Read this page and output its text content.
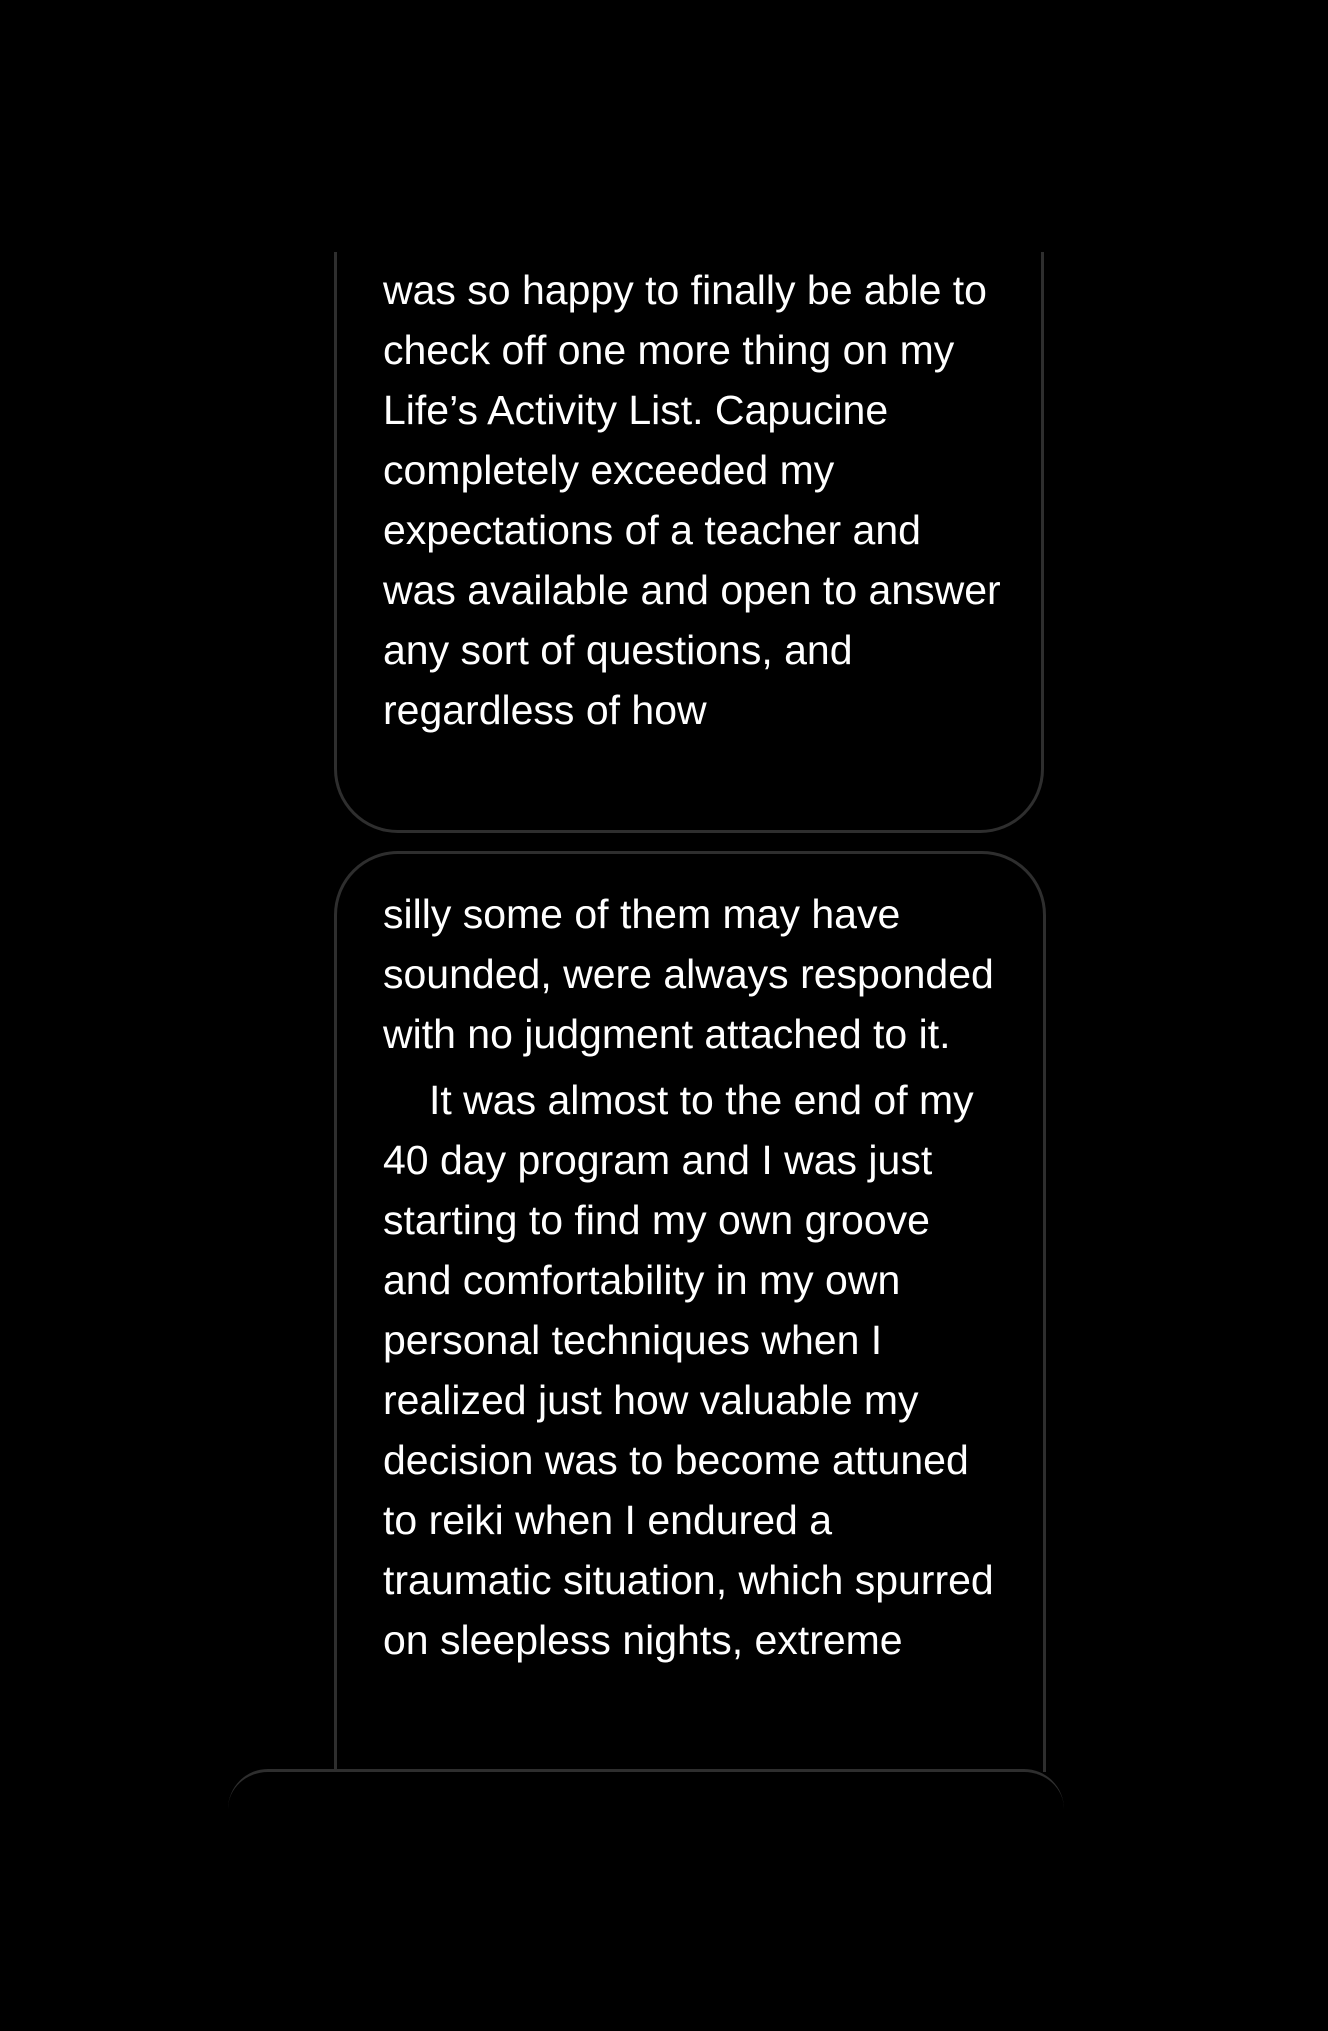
was so happy to finally be able to check off one more thing on my Life’s Activity List. Capucine completely exceeded my expectations of a teacher and was available and open to answer any sort of questions, and regardless of how

silly some of them may have sounded, were always responded with no judgment attached to it.

It was almost to the end of my 40 day program and I was just starting to find my own groove and comfortability in my own personal techniques when I realized just how valuable my decision was to become attuned to reiki when I endured a traumatic situation, which spurred on sleepless nights, extreme
